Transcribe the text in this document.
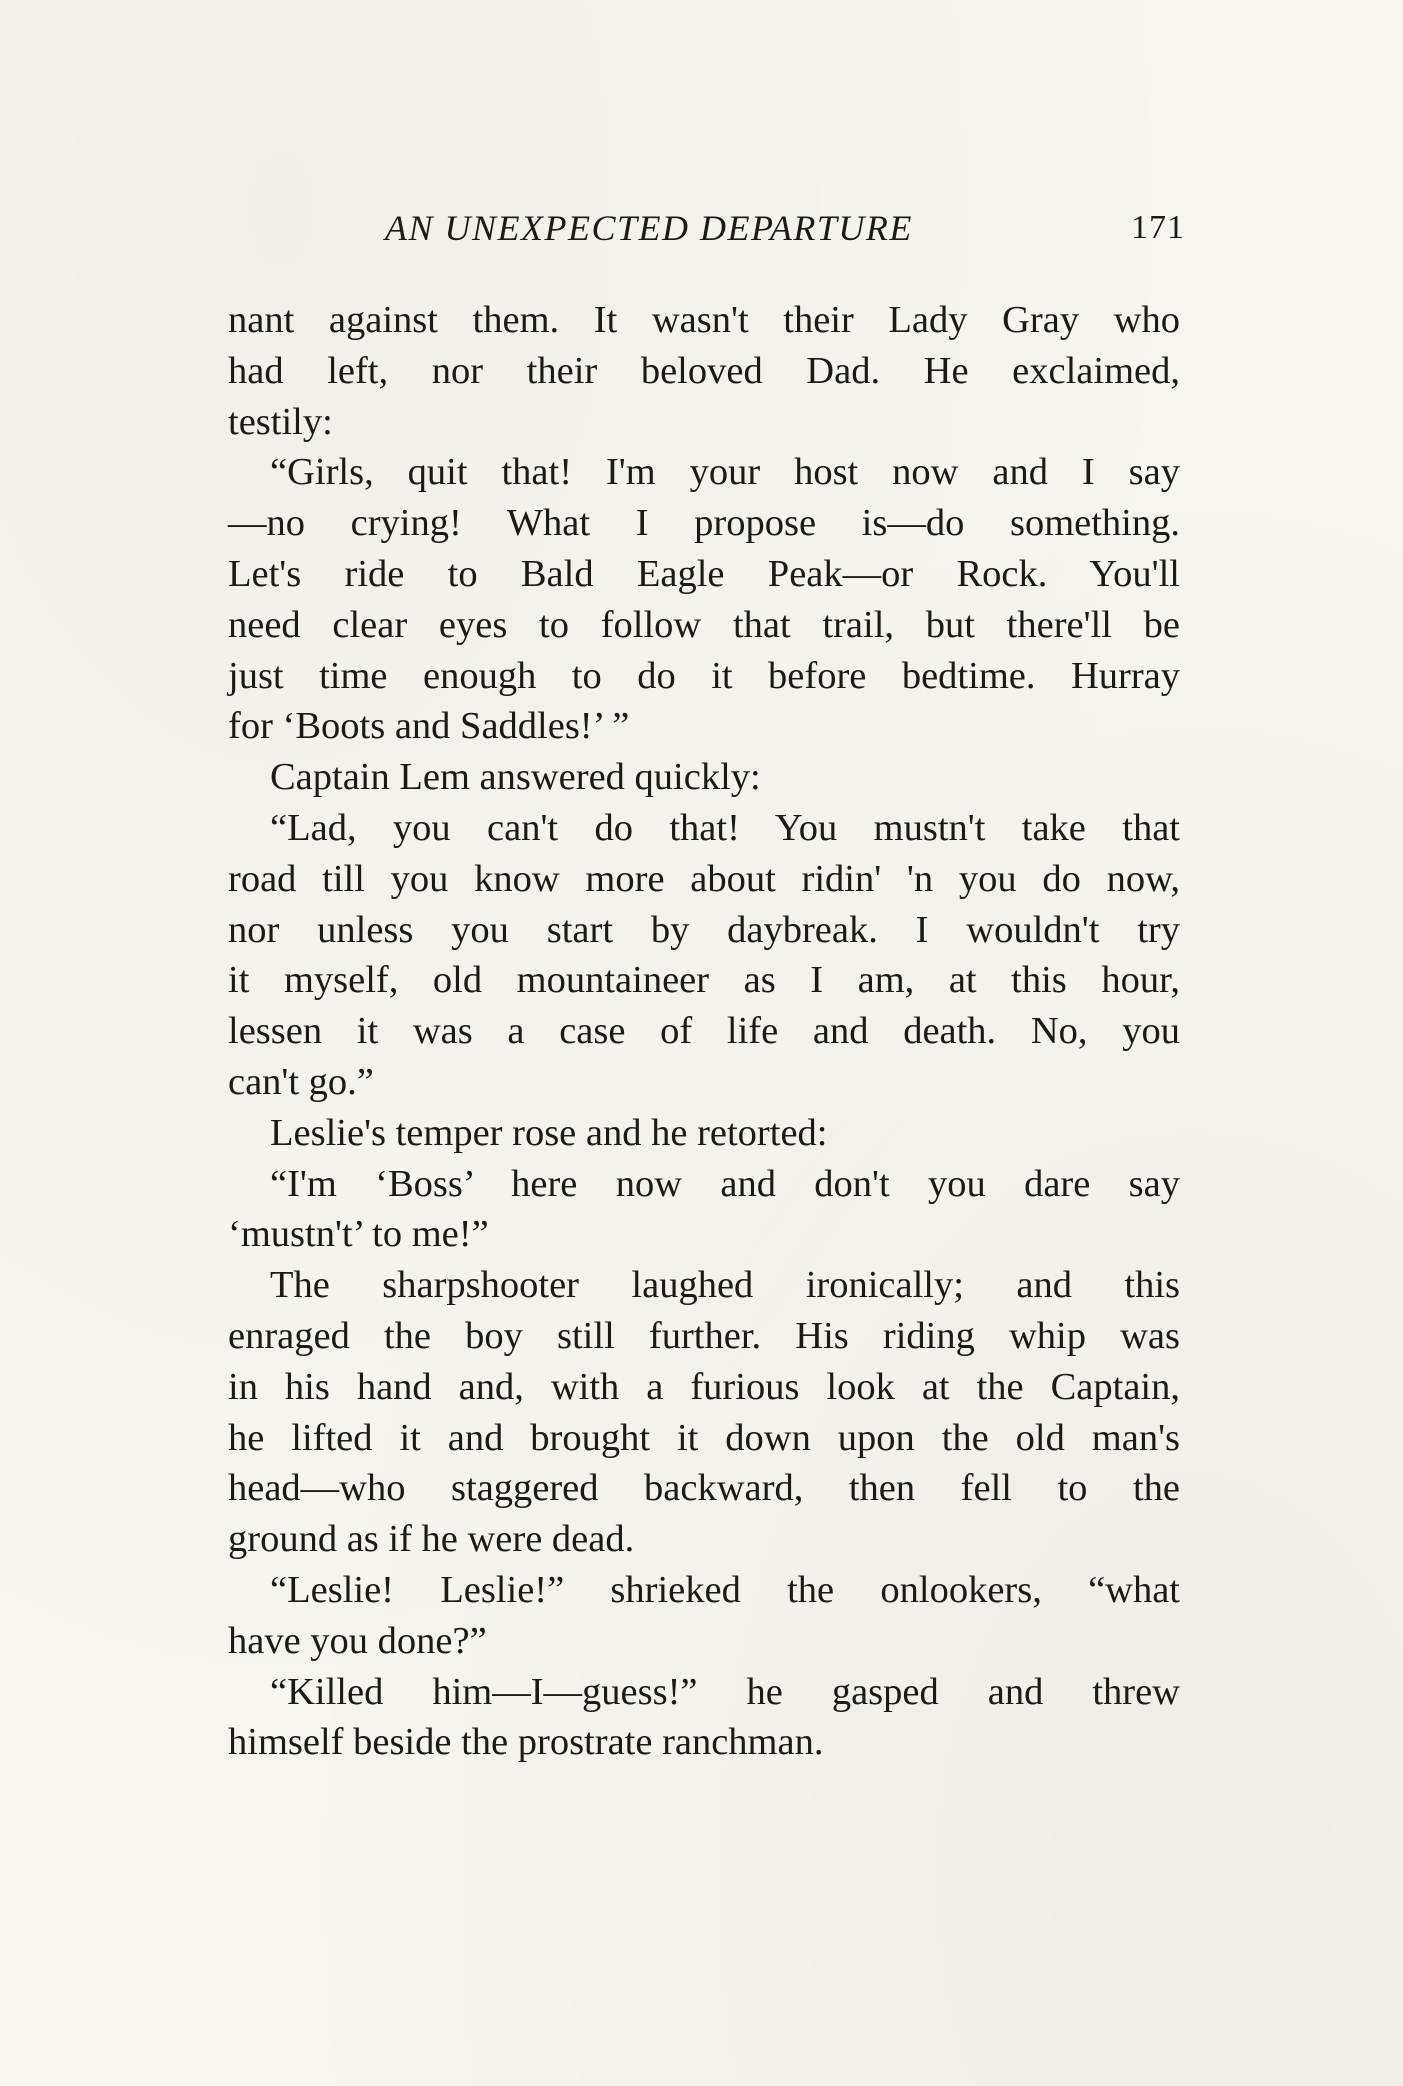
AN UNEXPECTED DEPARTURE	171
nant against them. It wasn't their Lady Gray who
had left, nor their beloved Dad. He exclaimed,
testily:
“Girls, quit that! I'm your host now and I say
—no crying! What I propose is—do something.
Let's ride to Bald Eagle Peak—or Rock. You'll
need clear eyes to follow that trail, but there'll be
just time enough to do it before bedtime. Hurray
for ‘Boots and Saddles!’ ”
Captain Lem answered quickly:
“Lad, you can't do that! You mustn't take that
road till you know more about ridin' 'n you do now,
nor unless you start by daybreak. I wouldn't try
it myself, old mountaineer as I am, at this hour,
lessen it was a case of life and death. No, you
can't go.”
Leslie's temper rose and he retorted:
“I'm ‘Boss’ here now and don't you dare say
‘mustn't’ to me!”
The sharpshooter laughed ironically; and this
enraged the boy still further. His riding whip was
in his hand and, with a furious look at the Captain,
he lifted it and brought it down upon the old man's
head—who staggered backward, then fell to the
ground as if he were dead.
“Leslie! Leslie!” shrieked the onlookers, “what
have you done?”
“Killed him—I—guess!” he gasped and threw
himself beside the prostrate ranchman.
